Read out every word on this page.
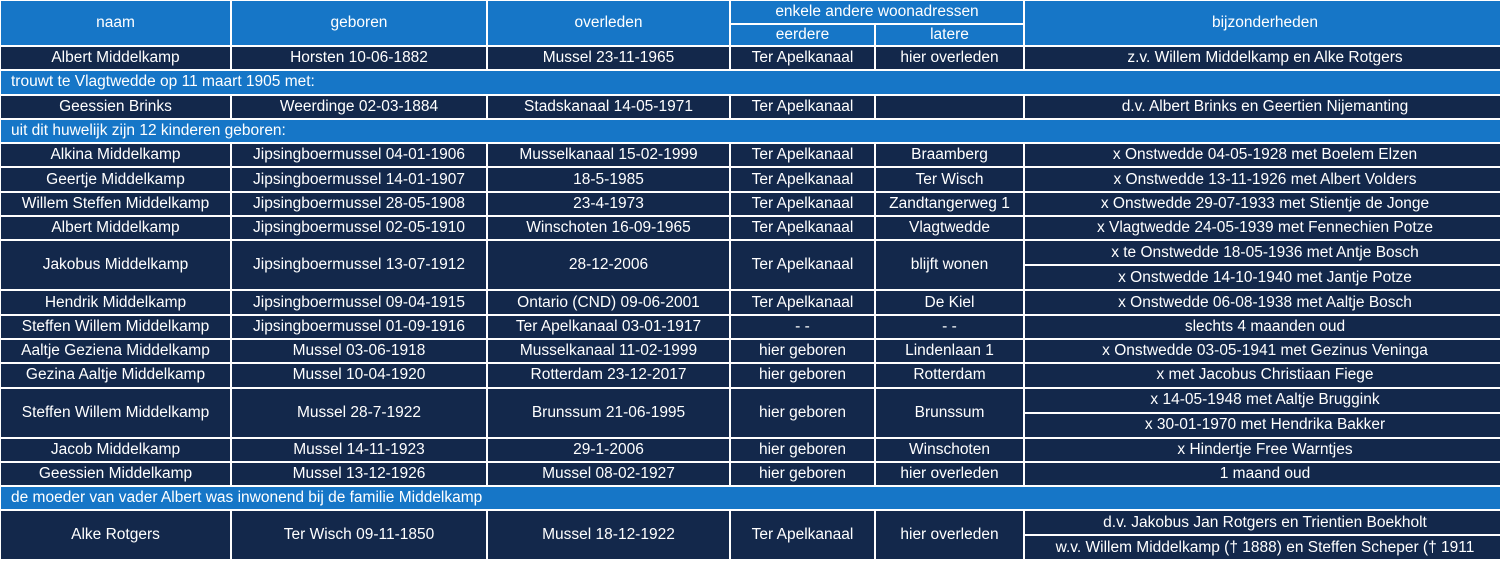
naam	geboren	overleden	enkele andere woonadressen		bijzonderheden
			eerdere	latere	
Albert Middelkamp	Horsten 10-06-1882	Mussel 23-11-1965	Ter Apelkanaal	hier overleden	z.v. Willem Middelkamp en Alke Rotgers
trouwt te Vlagtwedde op 11 maart 1905 met:					
Geessien Brinks	Weerdinge 02-03-1884	Stadskanaal 14-05-1971	Ter Apelkanaal		d.v. Albert Brinks en Geertien Nijemanting
uit dit huwelijk zijn 12 kinderen geboren:					
Alkina Middelkamp	Jipsingboermussel 04-01-1906	Musselkanaal 15-02-1999	Ter Apelkanaal	Braamberg	x Onstwedde 04-05-1928 met Boelem Elzen
Geertje Middelkamp	Jipsingboermussel 14-01-1907	18-5-1985	Ter Apelkanaal	Ter Wisch	x Onstwedde 13-11-1926 met Albert Volders
Willem Steffen Middelkamp	Jipsingboermussel 28-05-1908	23-4-1973	Ter Apelkanaal	Zandtangerweg 1	x Onstwedde 29-07-1933 met Stientje de Jonge
Albert Middelkamp	Jipsingboermussel 02-05-1910	Winschoten 16-09-1965	Ter Apelkanaal	Vlagtwedde	x Vlagtwedde 24-05-1939 met Fennechien Potze
Jakobus Middelkamp	Jipsingboermussel 13-07-1912	28-12-2006	Ter Apelkanaal	blijft wonen	x te Onstwedde 18-05-1936 met Antje Bosch
					x Onstwedde 14-10-1940 met Jantje Potze
Hendrik Middelkamp	Jipsingboermussel 09-04-1915	Ontario (CND) 09-06-2001	Ter Apelkanaal	De Kiel	x Onstwedde 06-08-1938 met Aaltje Bosch
Steffen Willem Middelkamp	Jipsingboermussel 01-09-1916	Ter Apelkanaal 03-01-1917	- -	- -	slechts 4 maanden oud
Aaltje Geziena Middelkamp	Mussel 03-06-1918	Musselkanaal 11-02-1999	hier geboren	Lindenlaan 1	x Onstwedde 03-05-1941 met Gezinus Veninga
Gezina Aaltje Middelkamp	Mussel 10-04-1920	Rotterdam 23-12-2017	hier geboren	Rotterdam	x met Jacobus Christiaan Fiege
Steffen Willem Middelkamp	Mussel 28-7-1922	Brunssum 21-06-1995	hier geboren	Brunssum	x 14-05-1948 met Aaltje Bruggink
					x 30-01-1970 met Hendrika Bakker
Jacob Middelkamp	Mussel 14-11-1923	29-1-2006	hier geboren	Winschoten	x Hindertje Free Warntjes
Geessien Middelkamp	Mussel 13-12-1926	Mussel 08-02-1927	hier geboren	hier overleden	1 maand oud
de moeder van vader Albert was inwonend bij de familie Middelkamp					
Alke Rotgers	Ter Wisch 09-11-1850	Mussel 18-12-1922	Ter Apelkanaal	hier overleden	d.v. Jakobus Jan Rotgers en Trientien Boekholt
					w.v. Willem Middelkamp († 1888) en Steffen Scheper († 1911
